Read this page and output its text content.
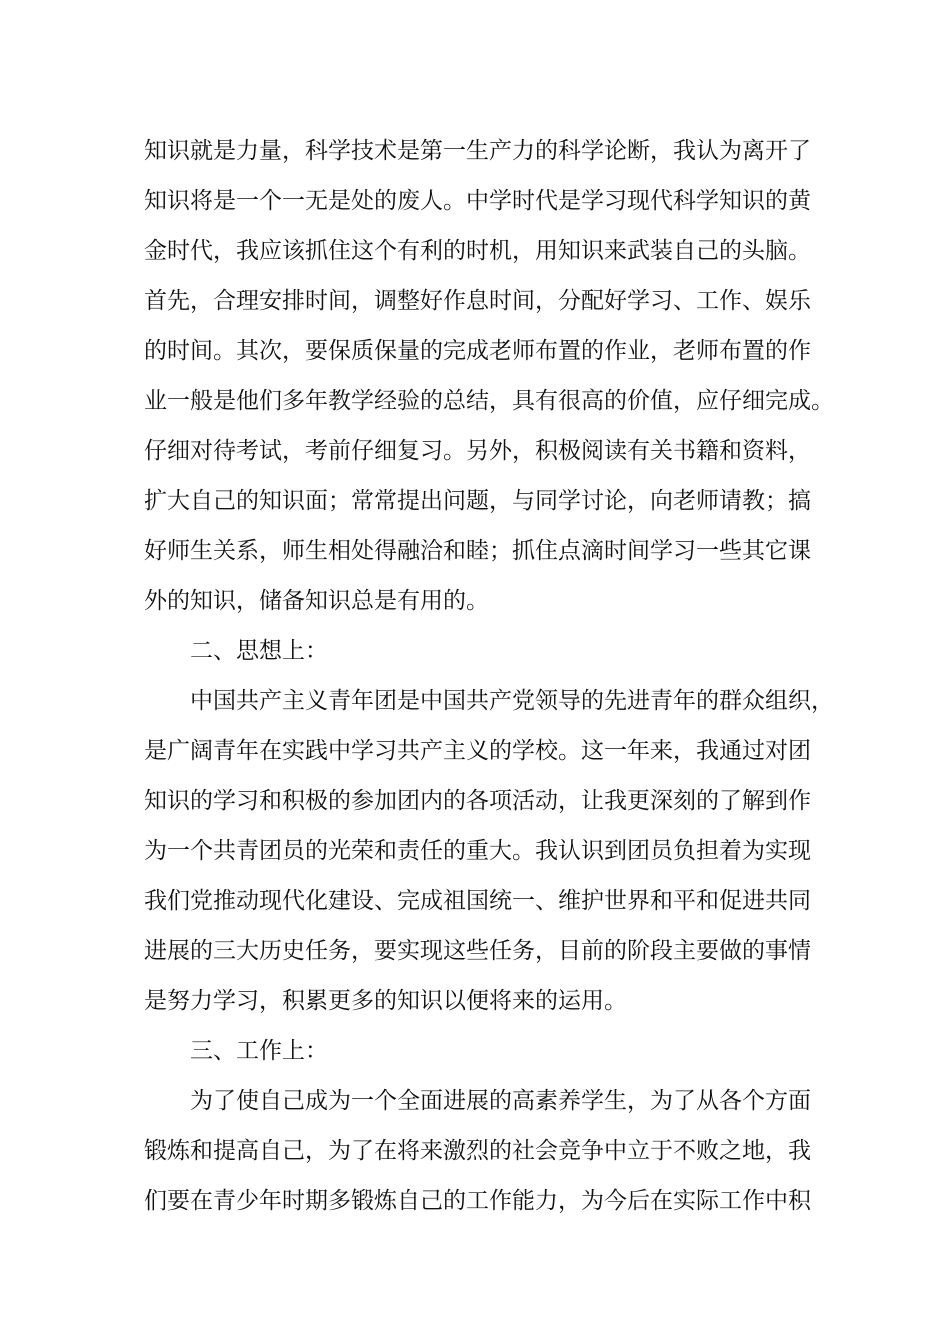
知识就是力量，科学技术是第一生产力的科学论断，我认为离开了
知识将是一个一无是处的废人。中学时代是学习现代科学知识的黄
金时代，我应该抓住这个有利的时机，用知识来武装自己的头脑。
首先，合理安排时间，调整好作息时间，分配好学习、工作、娱乐
的时间。其次，要保质保量的完成老师布置的作业，老师布置的作
业一般是他们多年教学经验的总结，具有很高的价值，应仔细完成。
仔细对待考试，考前仔细复习。另外，积极阅读有关书籍和资料，
扩大自己的知识面；常常提出问题，与同学讨论，向老师请教；搞
好师生关系，师生相处得融洽和睦；抓住点滴时间学习一些其它课
外的知识，储备知识总是有用的。
二、思想上：
中国共产主义青年团是中国共产党领导的先进青年的群众组织，
是广阔青年在实践中学习共产主义的学校。这一年来，我通过对团
知识的学习和积极的参加团内的各项活动，让我更深刻的了解到作
为一个共青团员的光荣和责任的重大。我认识到团员负担着为实现
我们党推动现代化建设、完成祖国统一、维护世界和平和促进共同
进展的三大历史任务，要实现这些任务，目前的阶段主要做的事情
是努力学习，积累更多的知识以便将来的运用。
三、工作上：
为了使自己成为一个全面进展的高素养学生，为了从各个方面
锻炼和提高自己，为了在将来激烈的社会竞争中立于不败之地，我
们要在青少年时期多锻炼自己的工作能力，为今后在实际工作中积
